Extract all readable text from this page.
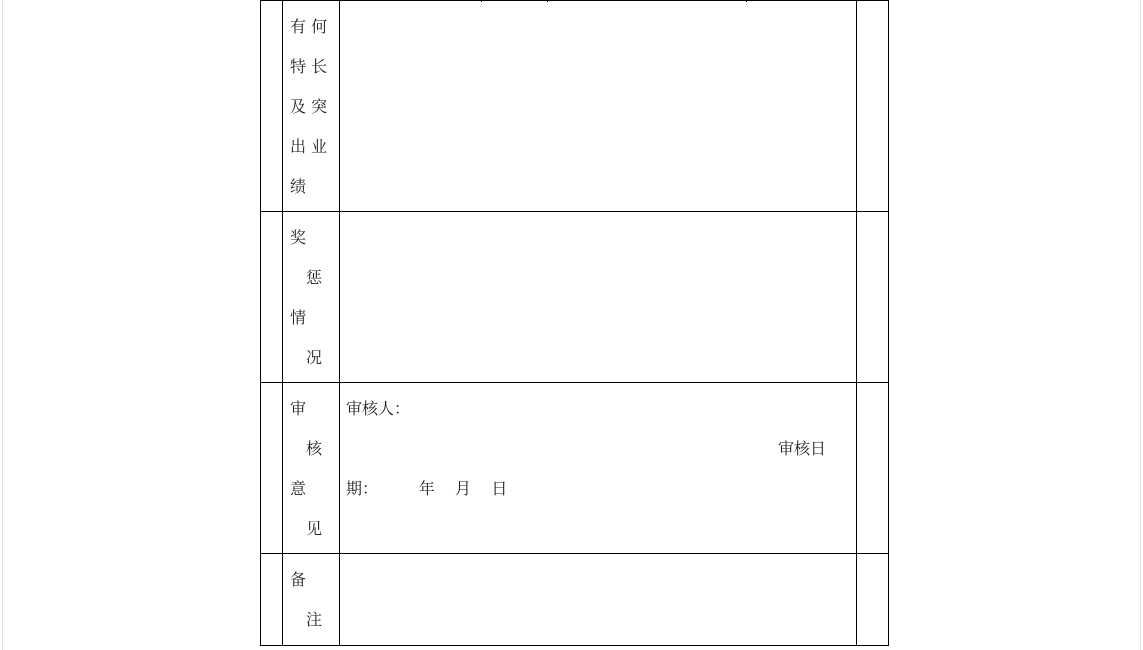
有 何
特 长
及 突
出 业
绩
奖
惩
情
况
审
核
意
见
审核人：
审核日
期：        年    月    日
备
注
